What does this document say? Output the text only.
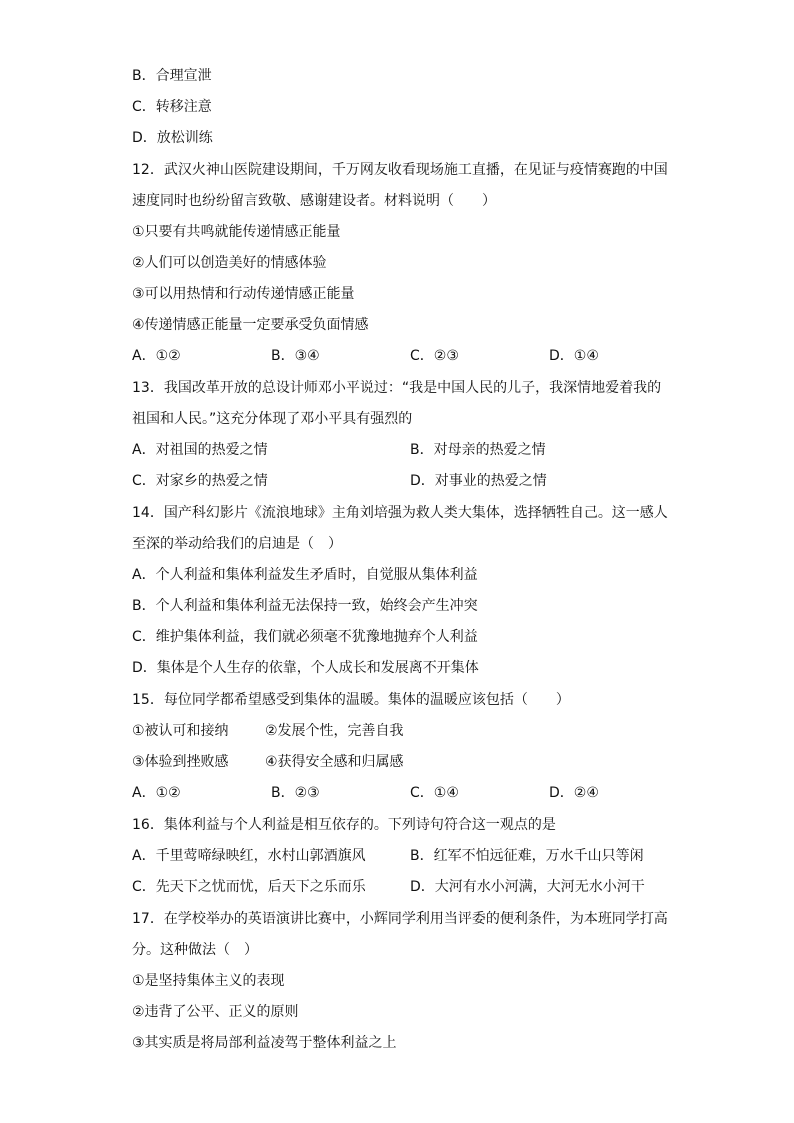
B．合理宣泄
C．转移注意
D．放松训练
12．武汉火神山医院建设期间，千万网友收看现场施工直播，在见证与疫情赛跑的中国
速度同时也纷纷留言致敬、感谢建设者。材料说明（　　）
①只要有共鸣就能传递情感正能量
②人们可以创造美好的情感体验
③可以用热情和行动传递情感正能量
④传递情感正能量一定要承受负面情感
A．①②	B．③④	C．②③	D．①④
13．我国改革开放的总设计师邓小平说过：“我是中国人民的儿子，我深情地爱着我的
祖国和人民。”这充分体现了邓小平具有强烈的
A．对祖国的热爱之情	B．对母亲的热爱之情
C．对家乡的热爱之情	D．对事业的热爱之情
14．国产科幻影片《流浪地球》主角刘培强为救人类大集体，选择牺牲自己。这一感人
至深的举动给我们的启迪是（　）
A．个人利益和集体利益发生矛盾时，自觉服从集体利益
B．个人利益和集体利益无法保持一致，始终会产生冲突
C．维护集体利益，我们就必须毫不犹豫地抛弃个人利益
D．集体是个人生存的依靠，个人成长和发展离不开集体
15．每位同学都希望感受到集体的温暖。集体的温暖应该包括（　　）
①被认可和接纳	②发展个性，完善自我
③体验到挫败感	④获得安全感和归属感
A．①②	B．②③	C．①④	D．②④
16．集体利益与个人利益是相互依存的。下列诗句符合这一观点的是
A．千里莺啼绿映红，水村山郭酒旗风	B．红军不怕远征难，万水千山只等闲
C．先天下之忧而忧，后天下之乐而乐	D．大河有水小河满，大河无水小河干
17．在学校举办的英语演讲比赛中，小辉同学利用当评委的便利条件，为本班同学打高
分。这种做法（　）
①是坚持集体主义的表现
②违背了公平、正义的原则
③其实质是将局部利益凌驾于整体利益之上
